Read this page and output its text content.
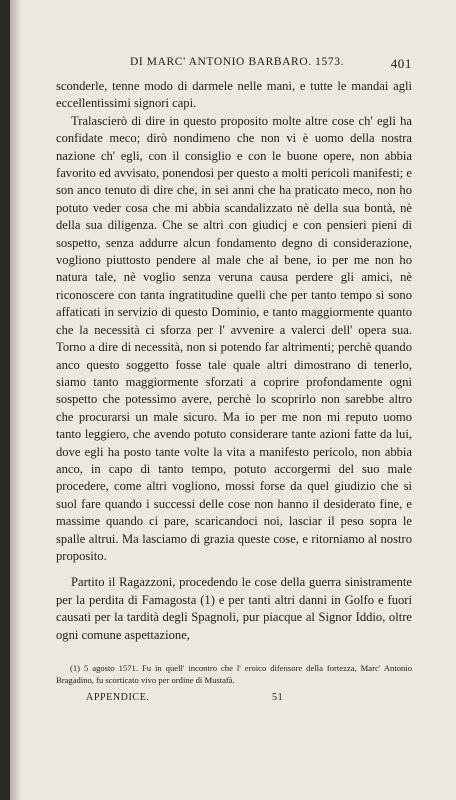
DI MARC' ANTONIO BARBARO. 1573.	401

sconderle, tenne modo di darmele nelle mani, e tutte le mandai agli eccellentissimi signori capi.

Tralascierò di dire in questo proposito molte altre cose ch' egli ha confidate meco; dirò nondimeno che non vi è uomo della nostra nazione ch' egli, con il consiglio e con le buone opere, non abbia favorito ed avvisato, ponendosi per questo a molti pericoli manifesti; e son anco tenuto di dire che, in sei anni che ha praticato meco, non ho potuto veder cosa che mi abbia scandalizzato nè della sua bontà, nè della sua diligenza. Che se altri con giudicj e con pensieri pieni di sospetto, senza addurre alcun fondamento degno di considerazione, vogliono piuttosto pendere al male che al bene, io per me non ho natura tale, nè voglio senza veruna causa perdere gli amici, nè riconoscere con tanta ingratitudine quelli che per tanto tempo si sono affaticati in servizio di questo Dominio, e tanto maggiormente quanto che la necessità ci sforza per l' avvenire a valerci dell' opera sua. Torno a dire di necessità, non si potendo far altrimenti; perchè quando anco questo soggetto fosse tale quale altri dimostrano di tenerlo, siamo tanto maggiormente sforzati a coprire profondamente ogni sospetto che potessimo avere, perchè lo scoprirlo non sarebbe altro che procurarsi un male sicuro. Ma io per me non mi reputo uomo tanto leggiero, che avendo potuto considerare tante azioni fatte da lui, dove egli ha posto tante volte la vita a manifesto pericolo, non abbia anco, in capo di tanto tempo, potuto accorgermi del suo male procedere, come altri vogliono, mossi forse da quel giudizio che si suol fare quando i successi delle cose non hanno il desiderato fine, e massime quando ci pare, scaricandoci noi, lasciar il peso sopra le spalle altrui. Ma lasciamo di grazia queste cose, e ritorniamo al nostro proposito.

Partito il Ragazzoni, procedendo le cose della guerra sinistramente per la perdita di Famagosta (1) e per tanti altri danni in Golfo e fuori causati per la tardità degli Spagnoli, pur piacque al Signor Iddio, oltre ogni comune aspettazione,

(1) 5 agosto 1571. Fu in quell' incontro che l' eroico difensore della fortezza, Marc' Antonio Bragadino, fu scorticato vivo per ordine di Mustafà.

APPENDICE.	51
